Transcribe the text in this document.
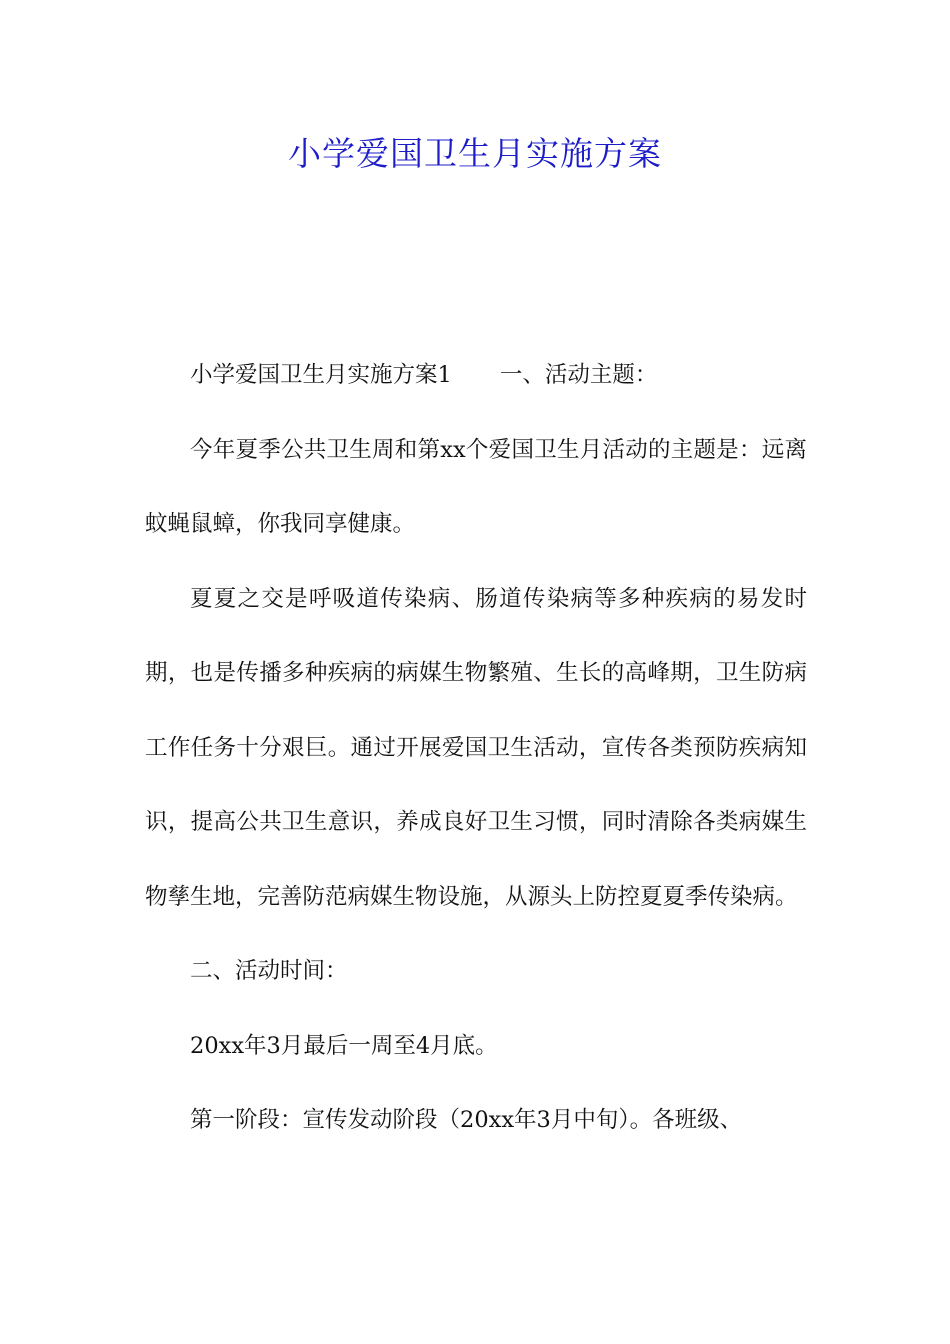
小学爱国卫生月实施方案

小学爱国卫生月实施方案1 一、活动主题：

今年夏季公共卫生周和第xx个爱国卫生月活动的主题是：远离蚊蝇鼠蟑，你我同享健康。

夏夏之交是呼吸道传染病、肠道传染病等多种疾病的易发时期，也是传播多种疾病的病媒生物繁殖、生长的高峰期，卫生防病工作任务十分艰巨。通过开展爱国卫生活动，宣传各类预防疾病知识，提高公共卫生意识，养成良好卫生习惯，同时清除各类病媒生物孳生地，完善防范病媒生物设施，从源头上防控夏夏季传染病。

二、活动时间：

20xx年3月最后一周至4月底。

第一阶段：宣传发动阶段（20xx年3月中旬）。各班级、
